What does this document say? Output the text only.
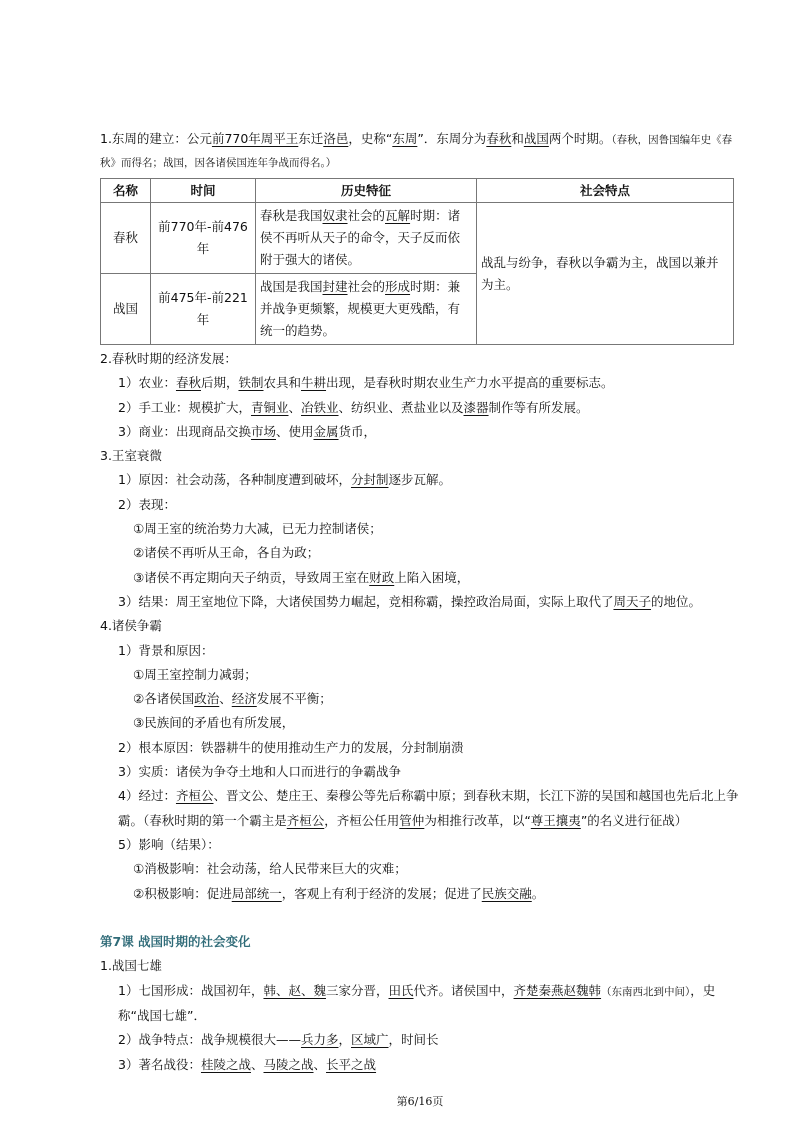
1.东周的建立：公元前770年周平王东迁洛邑，史称“东周”．东周分为春秋和战国两个时期。（春秋，因鲁国编年史《春秋》而得名；战国，因各诸侯国连年争战而得名。）
名称	时间	历史特征	社会特点
春秋	前770年-前476年	春秋是我国奴隶社会的瓦解时期：诸侯不再听从天子的命令，天子反而依附于强大的诸侯。	战乱与纷争，春秋以争霸为主，战国以兼并为主。
战国	前475年-前221年	战国是我国封建社会的形成时期：兼并战争更频繁，规模更大更残酷，有统一的趋势。	
2.春秋时期的经济发展：
1）农业：春秋后期，铁制农具和牛耕出现，是春秋时期农业生产力水平提高的重要标志。
2）手工业：规模扩大，青铜业、冶铁业、纺织业、煮盐业以及漆器制作等有所发展。
3）商业：出现商品交换市场、使用金属货币，
3.王室衰微
1）原因：社会动荡，各种制度遭到破坏，分封制逐步瓦解。
2）表现：
①周王室的统治势力大减，已无力控制诸侯；
②诸侯不再听从王命，各自为政；
③诸侯不再定期向天子纳贡，导致周王室在财政上陷入困境，
3）结果：周王室地位下降，大诸侯国势力崛起，竞相称霸，操控政治局面，实际上取代了周天子的地位。
4.诸侯争霸
1）背景和原因：
①周王室控制力减弱；
②各诸侯国政治、经济发展不平衡；
③民族间的矛盾也有所发展，
2）根本原因：铁器耕牛的使用推动生产力的发展，分封制崩溃
3）实质：诸侯为争夺土地和人口而进行的争霸战争
4）经过：齐桓公、晋文公、楚庄王、秦穆公等先后称霸中原；到春秋末期，长江下游的吴国和越国也先后北上争霸。（春秋时期的第一个霸主是齐桓公，齐桓公任用管仲为相推行改革，以“尊王攘夷”的名义进行征战）
5）影响（结果）：
①消极影响：社会动荡，给人民带来巨大的灾难；
②积极影响：促进局部统一，客观上有利于经济的发展；促进了民族交融。
第7课 战国时期的社会变化
1.战国七雄
1）七国形成：战国初年，韩、赵、魏三家分晋，田氏代齐。诸侯国中，齐楚秦燕赵魏韩（东南西北到中间），史称“战国七雄”．
2）战争特点：战争规模很大——兵力多，区域广，时间长
3）著名战役：桂陵之战、马陵之战、长平之战
第6/16页
